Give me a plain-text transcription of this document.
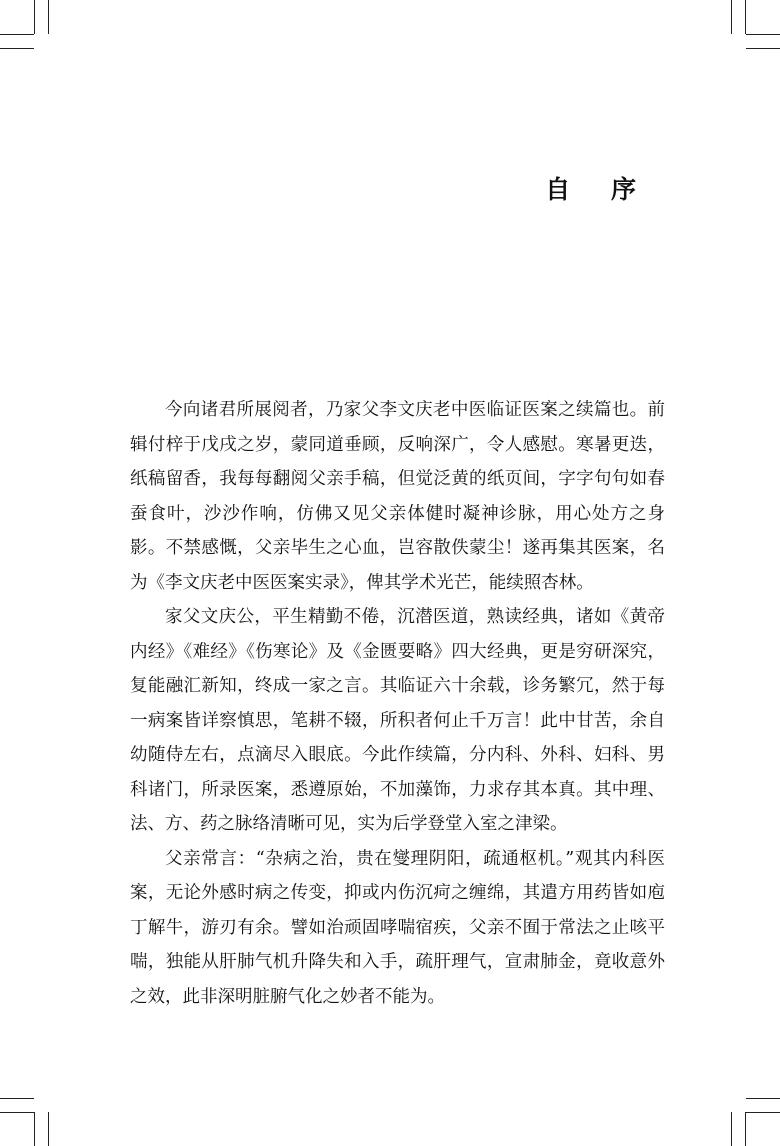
自 序

今向诸君所展阅者，乃家父李文庆老中医临证医案之续篇也。前辑付梓于戊戌之岁，蒙同道垂顾，反响深广，令人感慰。寒暑更迭，纸稿留香，我每每翻阅父亲手稿，但觉泛黄的纸页间，字字句句如春蚕食叶，沙沙作响，仿佛又见父亲体健时凝神诊脉，用心处方之身影。不禁感慨，父亲毕生之心血，岂容散佚蒙尘！遂再集其医案，名为《李文庆老中医医案实录》，俾其学术光芒，能续照杏林。

家父文庆公，平生精勤不倦，沉潜医道，熟读经典，诸如《黄帝内经》《难经》《伤寒论》及《金匮要略》四大经典，更是穷研深究，复能融汇新知，终成一家之言。其临证六十余载，诊务繁冗，然于每一病案皆详察慎思，笔耕不辍，所积者何止千万言！此中甘苦，余自幼随侍左右，点滴尽入眼底。今此作续篇，分内科、外科、妇科、男科诸门，所录医案，悉遵原始，不加藻饰，力求存其本真。其中理、法、方、药之脉络清晰可见，实为后学登堂入室之津梁。

父亲常言：“杂病之治，贵在燮理阴阳，疏通枢机。”观其内科医案，无论外感时病之传变，抑或内伤沉疴之缠绵，其遣方用药皆如庖丁解牛，游刃有余。譬如治顽固哮喘宿疾，父亲不囿于常法之止咳平喘，独能从肝肺气机升降失和入手，疏肝理气，宣肃肺金，竟收意外之效，此非深明脏腑气化之妙者不能为。
